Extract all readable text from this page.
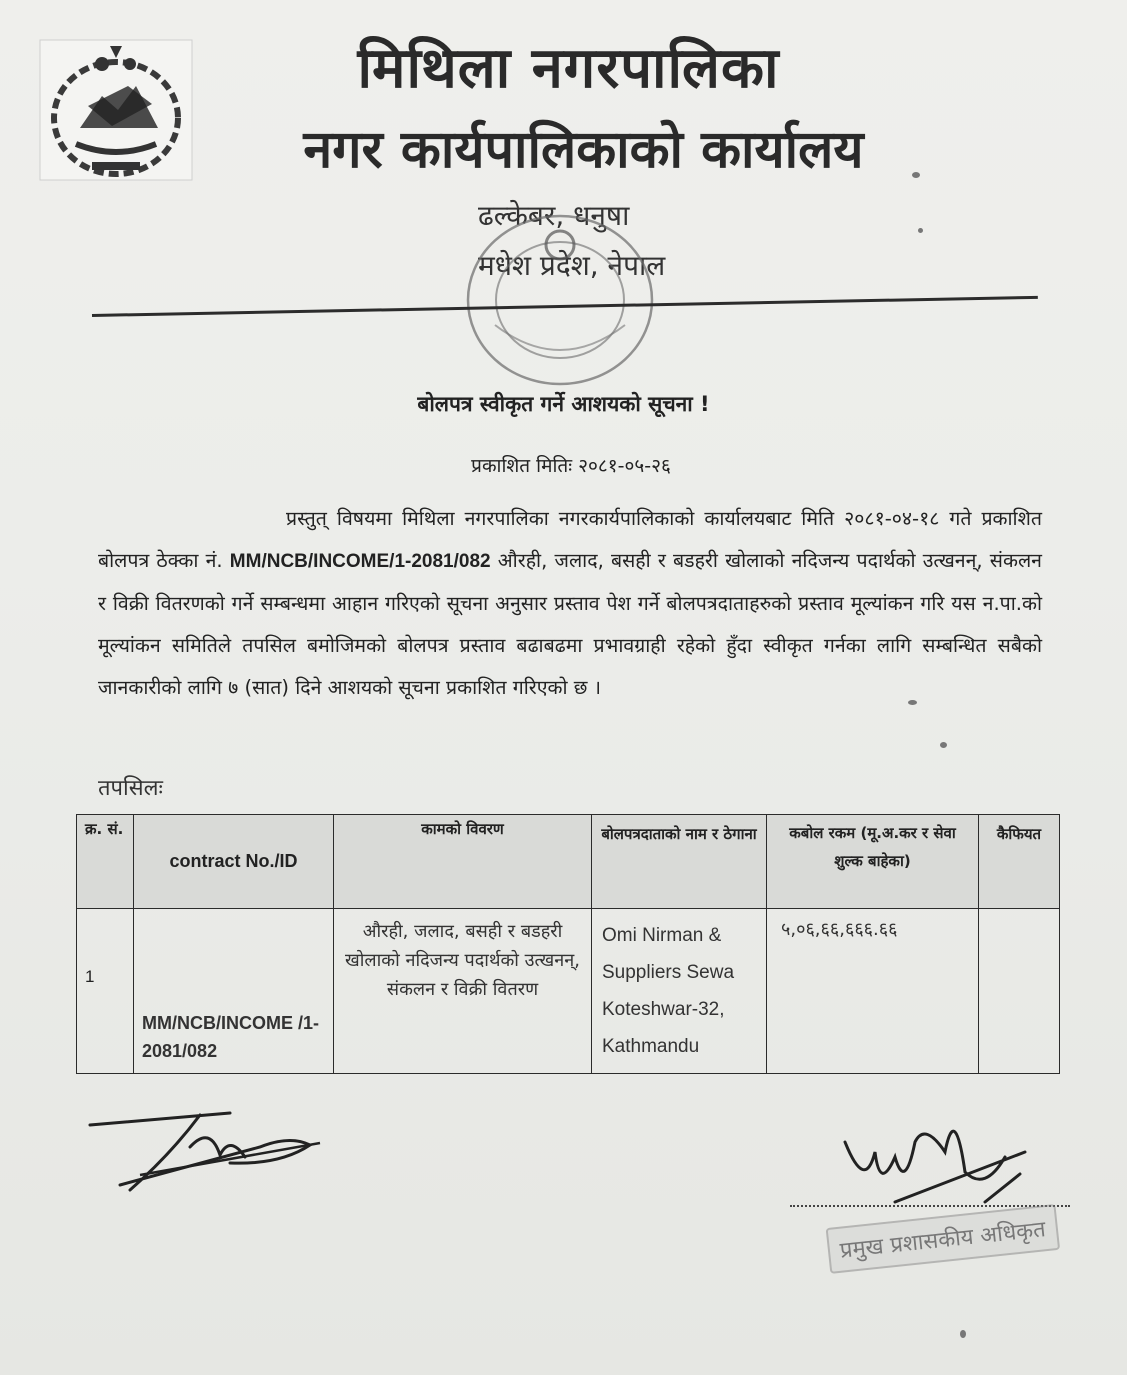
मिथिला नगरपालिका
नगर कार्यपालिकाको कार्यालय
ढल्केबर, धनुषा
मधेश प्रदेश, नेपाल
बोलपत्र स्वीकृत गर्ने आशयको सूचना !
प्रकाशित मितिः २०८१-०५-२६
प्रस्तुत् विषयमा मिथिला नगरपालिका नगरकार्यपालिकाको कार्यालयबाट मिति २०८१-०४-१८ गते प्रकाशित बोलपत्र ठेक्का नं. MM/NCB/INCOME/1-2081/082 औरही, जलाद, बसही र बडहरी खोलाको नदिजन्य पदार्थको उत्खनन्, संकलन र विक्री वितरणको गर्ने सम्बन्धमा आहान गरिएको सूचना अनुसार प्रस्ताव पेश गर्ने बोलपत्रदाताहरुको प्रस्ताव मूल्यांकन गरि यस न.पा.को मूल्यांकन समितिले तपसिल बमोजिमको बोलपत्र प्रस्ताव बढाबढमा प्रभावग्राही रहेको हुँदा स्वीकृत गर्नका लागि सम्बन्धित सबैको जानकारीको लागि ७ (सात) दिने आशयको सूचना प्रकाशित गरिएको छ ।
तपसिलः
क्र. सं.	contract No./ID	कामको विवरण	बोलपत्रदाताको नाम र ठेगाना	कबोल रकम (मू.अ.कर र सेवा शुल्क बाहेका)	कैफियत
1	MM/NCB/INCOME /1-2081/082	औरही, जलाद, बसही र बडहरी खोलाको नदिजन्य पदार्थको उत्खनन्, संकलन र विक्री वितरण	Omi Nirman & Suppliers Sewa Koteshwar-32, Kathmandu	५,०६,६६,६६६.६६	
प्रमुख प्रशासकीय अधिकृत
